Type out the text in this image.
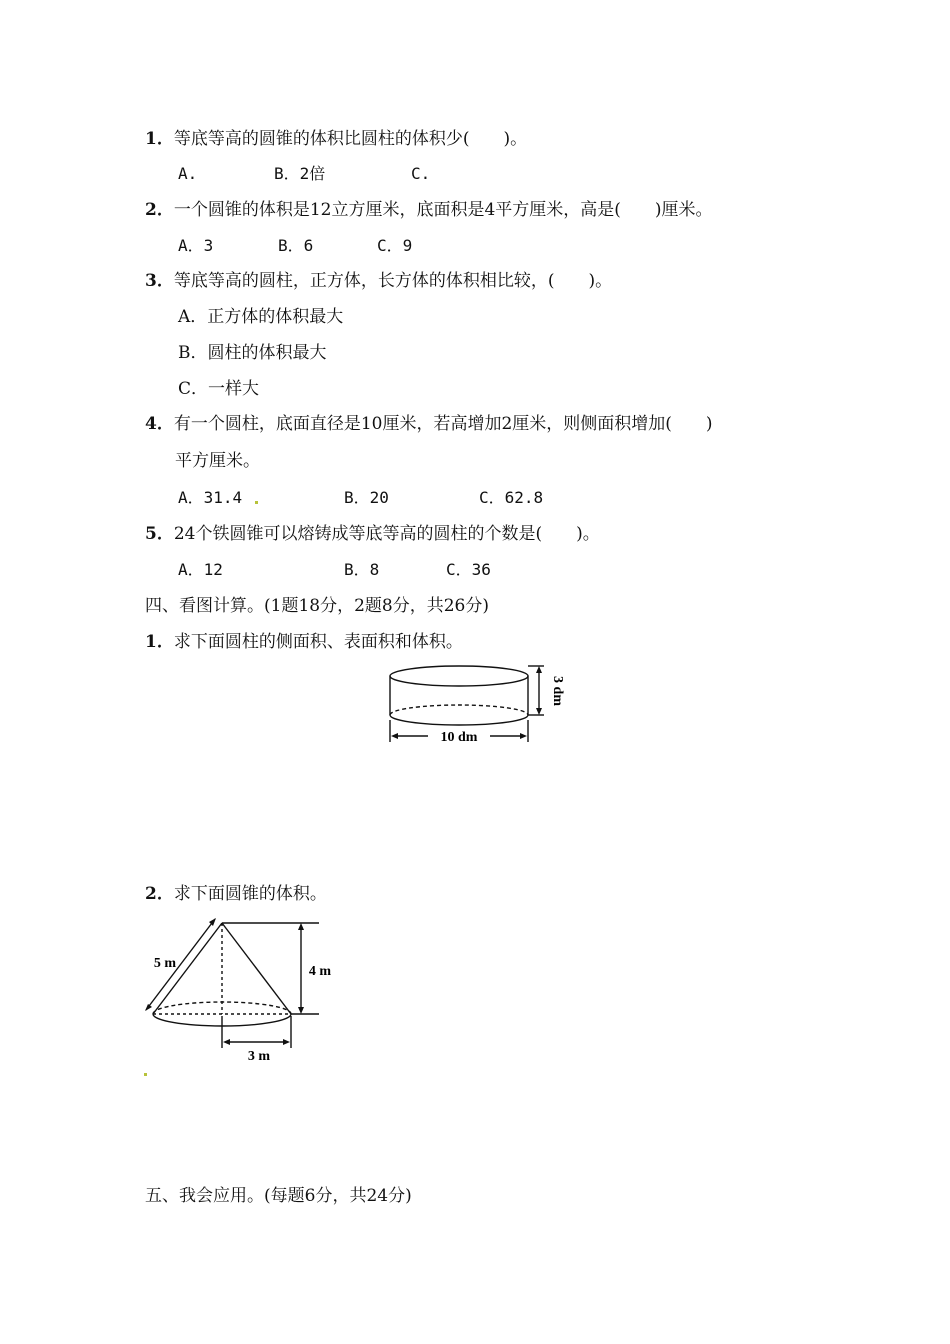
1．等底等高的圆锥的体积比圆柱的体积少(　　)。
A.	B．2倍	C.
2．一个圆锥的体积是12立方厘米，底面积是4平方厘米，高是(　　)厘米。
A．3	B．6	C．9
3．等底等高的圆柱，正方体，长方体的体积相比较，(　　)。
A．正方体的体积最大
B．圆柱的体积最大
C．一样大
4．有一个圆柱，底面直径是10厘米，若高增加2厘米，则侧面积增加(　　)
平方厘米。
A．31.4	B．20	C．62.8
5．24个铁圆锥可以熔铸成等底等高的圆柱的个数是(　　)。
A．12	B．8	C．36
四、看图计算。(1题18分，2题8分，共26分)
1．求下面圆柱的侧面积、表面积和体积。
10 dm
3 dm
2．求下面圆锥的体积。
4 m
5 m
3 m
五、我会应用。(每题6分，共24分)
